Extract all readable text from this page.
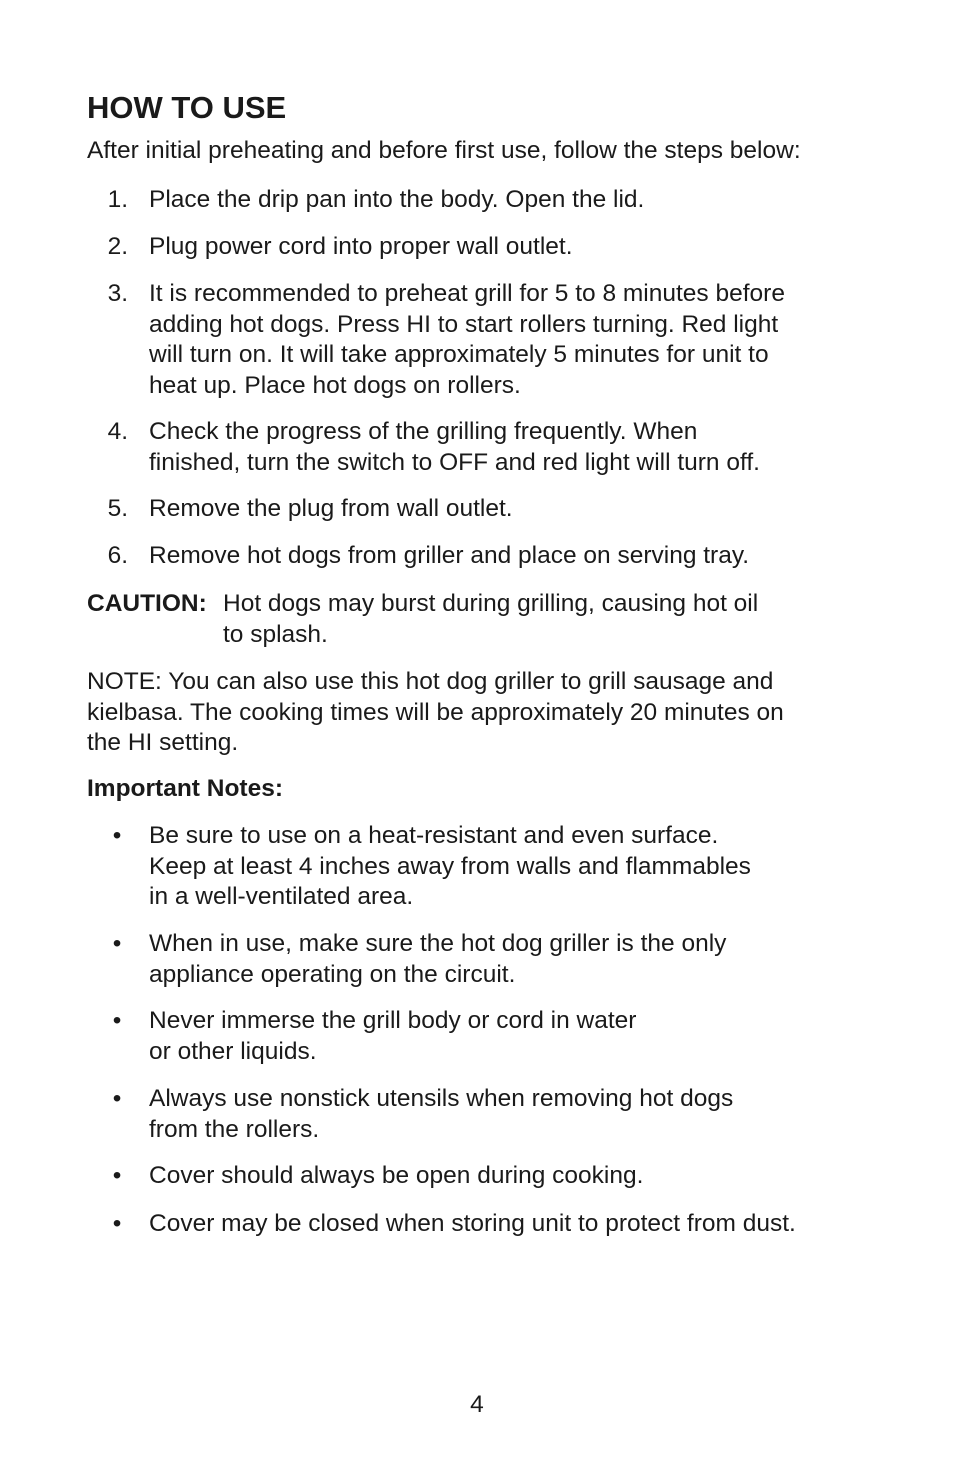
HOW TO USE

After initial preheating and before first use, follow the steps below:

1. Place the drip pan into the body. Open the lid.
2. Plug power cord into proper wall outlet.
3. It is recommended to preheat grill for 5 to 8 minutes before
adding hot dogs. Press HI to start rollers turning. Red light
will turn on. It will take approximately 5 minutes for unit to
heat up. Place hot dogs on rollers.
4. Check the progress of the grilling frequently. When
finished, turn the switch to OFF and red light will turn off.
5. Remove the plug from wall outlet.
6. Remove hot dogs from griller and place on serving tray.
CAUTION: Hot dogs may burst during grilling, causing hot oil
to splash.

NOTE: You can also use this hot dog griller to grill sausage and
kielbasa. The cooking times will be approximately 20 minutes on
the HI setting.

Important Notes:
• Be sure to use on a heat-resistant and even surface.
Keep at least 4 inches away from walls and flammables
in a well-ventilated area.
• When in use, make sure the hot dog griller is the only
appliance operating on the circuit.
• Never immerse the grill body or cord in water
or other liquids.
• Always use nonstick utensils when removing hot dogs
from the rollers.
• Cover should always be open during cooking.
• Cover may be closed when storing unit to protect from dust.
4
